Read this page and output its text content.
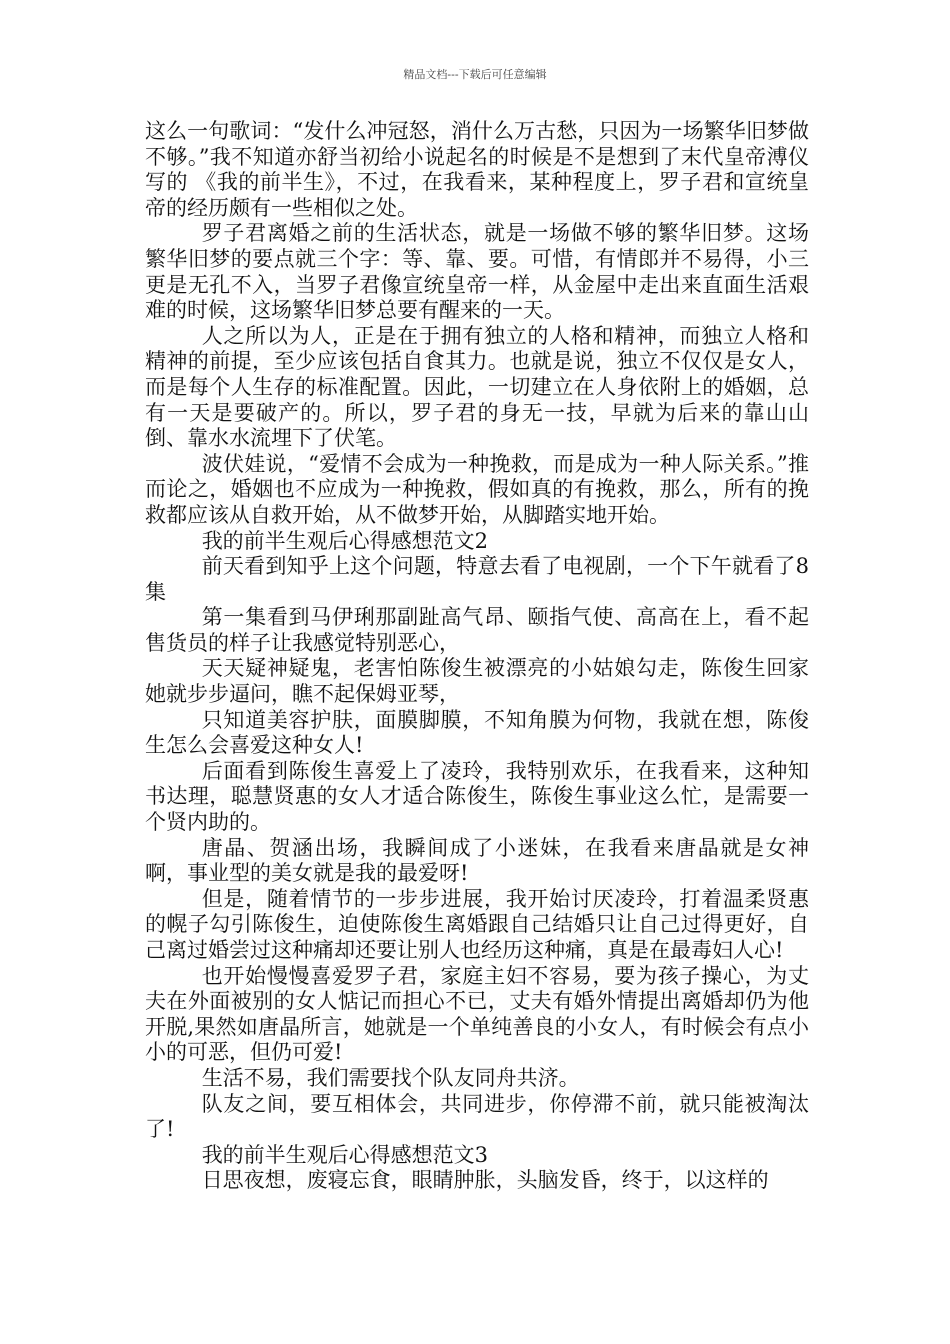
精品文档---下载后可任意编辑

这么一句歌词：“发什么冲冠怒，消什么万古愁，只因为一场繁华旧梦做不够。”我不知道亦舒当初给小说起名的时候是不是想到了末代皇帝溥仪写的 《我的前半生》，不过，在我看来，某种程度上，罗子君和宣统皇帝的经历颇有一些相似之处。

罗子君离婚之前的生活状态，就是一场做不够的繁华旧梦。这场繁华旧梦的要点就三个字：等、靠、要。可惜，有情郎并不易得，小三更是无孔不入，当罗子君像宣统皇帝一样，从金屋中走出来直面生活艰难的时候，这场繁华旧梦总要有醒来的一天。

人之所以为人，正是在于拥有独立的人格和精神，而独立人格和精神的前提，至少应该包括自食其力。也就是说，独立不仅仅是女人，而是每个人生存的标准配置。因此，一切建立在人身依附上的婚姻，总有一天是要破产的。所以，罗子君的身无一技，早就为后来的靠山山倒、靠水水流埋下了伏笔。

波伏娃说，“爱情不会成为一种挽救，而是成为一种人际关系。”推而论之，婚姻也不应成为一种挽救，假如真的有挽救，那么，所有的挽救都应该从自救开始，从不做梦开始，从脚踏实地开始。

我的前半生观后心得感想范文2

前天看到知乎上这个问题，特意去看了电视剧，一个下午就看了8集

第一集看到马伊琍那副趾高气昂、颐指气使、高高在上，看不起售货员的样子让我感觉特别恶心，

天天疑神疑鬼，老害怕陈俊生被漂亮的小姑娘勾走，陈俊生回家她就步步逼问，瞧不起保姆亚琴，

只知道美容护肤，面膜脚膜，不知角膜为何物，我就在想，陈俊生怎么会喜爱这种女人!

后面看到陈俊生喜爱上了凌玲，我特别欢乐，在我看来，这种知书达理，聪慧贤惠的女人才适合陈俊生，陈俊生事业这么忙，是需要一个贤内助的。

唐晶、贺涵出场，我瞬间成了小迷妹，在我看来唐晶就是女神啊，事业型的美女就是我的最爱呀!

但是，随着情节的一步步进展，我开始讨厌凌玲，打着温柔贤惠的幌子勾引陈俊生，迫使陈俊生离婚跟自己结婚只让自己过得更好，自己离过婚尝过这种痛却还要让别人也经历这种痛，真是在最毒妇人心!

也开始慢慢喜爱罗子君，家庭主妇不容易，要为孩子操心，为丈夫在外面被别的女人惦记而担心不已，丈夫有婚外情提出离婚却仍为他开脱,果然如唐晶所言，她就是一个单纯善良的小女人，有时候会有点小小的可恶，但仍可爱!

生活不易，我们需要找个队友同舟共济。

队友之间，要互相体会，共同进步，你停滞不前，就只能被淘汰了!

我的前半生观后心得感想范文3

日思夜想，废寝忘食，眼睛肿胀，头脑发昏，终于，以这样的
